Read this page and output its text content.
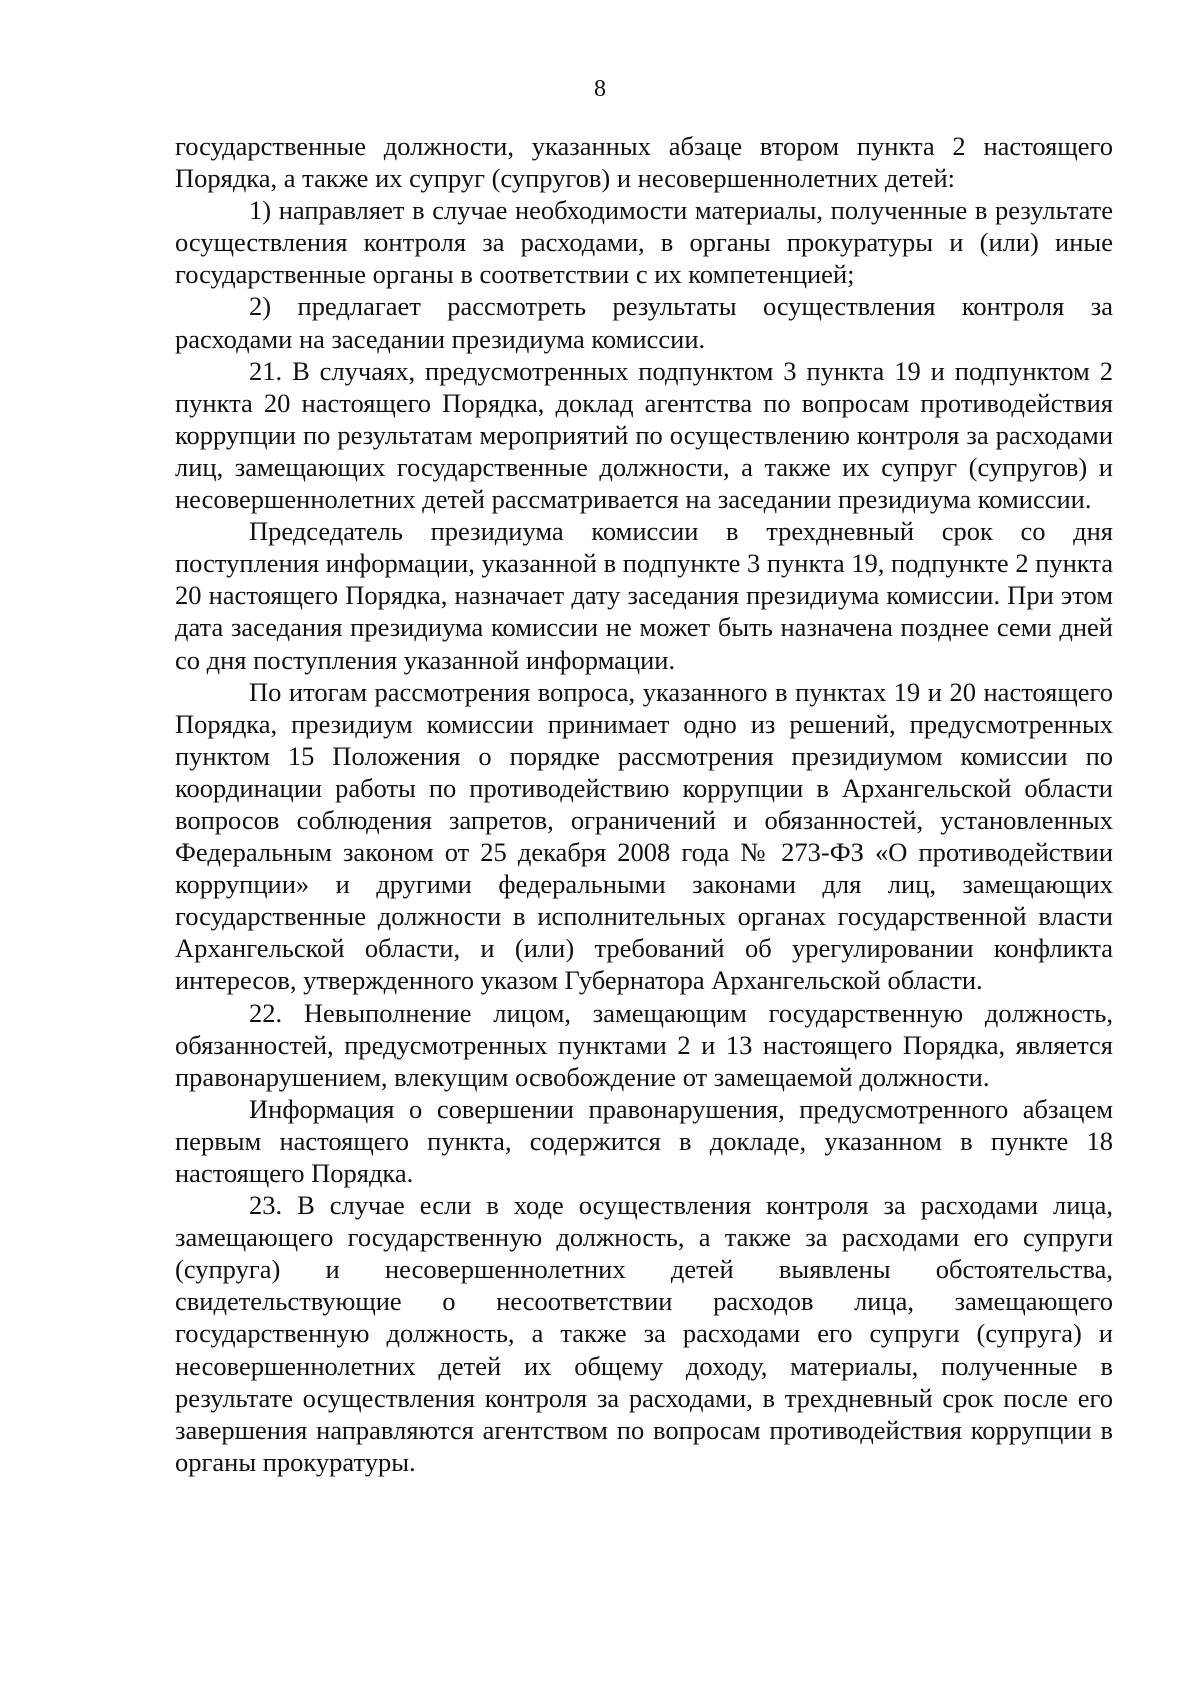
8

государственные должности, указанных абзаце втором пункта 2 настоящего Порядка, а также их супруг (супругов) и несовершеннолетних детей:

1) направляет в случае необходимости материалы, полученные в результате осуществления контроля за расходами, в органы прокуратуры и (или) иные государственные органы в соответствии с их компетенцией;

2) предлагает рассмотреть результаты осуществления контроля за расходами на заседании президиума комиссии.

21. В случаях, предусмотренных подпунктом 3 пункта 19 и подпунктом 2 пункта 20 настоящего Порядка, доклад агентства по вопросам противодействия коррупции по результатам мероприятий по осуществлению контроля за расходами лиц, замещающих государственные должности, а также их супруг (супругов) и несовершеннолетних детей рассматривается на заседании президиума комиссии.

Председатель президиума комиссии в трехдневный срок со дня поступления информации, указанной в подпункте 3 пункта 19, подпункте 2 пункта 20 настоящего Порядка, назначает дату заседания президиума комиссии. При этом дата заседания президиума комиссии не может быть назначена позднее семи дней со дня поступления указанной информации.

По итогам рассмотрения вопроса, указанного в пунктах 19 и 20 настоящего Порядка, президиум комиссии принимает одно из решений, предусмотренных пунктом 15 Положения о порядке рассмотрения президиумом комиссии по координации работы по противодействию коррупции в Архангельской области вопросов соблюдения запретов, ограничений и обязанностей, установленных Федеральным законом от 25 декабря 2008 года № 273-ФЗ «О противодействии коррупции» и другими федеральными законами для лиц, замещающих государственные должности в исполнительных органах государственной власти Архангельской области, и (или) требований об урегулировании конфликта интересов, утвержденного указом Губернатора Архангельской области.

22. Невыполнение лицом, замещающим государственную должность, обязанностей, предусмотренных пунктами 2 и 13 настоящего Порядка, является правонарушением, влекущим освобождение от замещаемой должности.

Информация о совершении правонарушения, предусмотренного абзацем первым настоящего пункта, содержится в докладе, указанном в пункте 18 настоящего Порядка.

23. В случае если в ходе осуществления контроля за расходами лица, замещающего государственную должность, а также за расходами его супруги (супруга) и несовершеннолетних детей выявлены обстоятельства, свидетельствующие о несоответствии расходов лица, замещающего государственную должность, а также за расходами его супруги (супруга) и несовершеннолетних детей их общему доходу, материалы, полученные в результате осуществления контроля за расходами, в трехдневный срок после его завершения направляются агентством по вопросам противодействия коррупции в органы прокуратуры.
